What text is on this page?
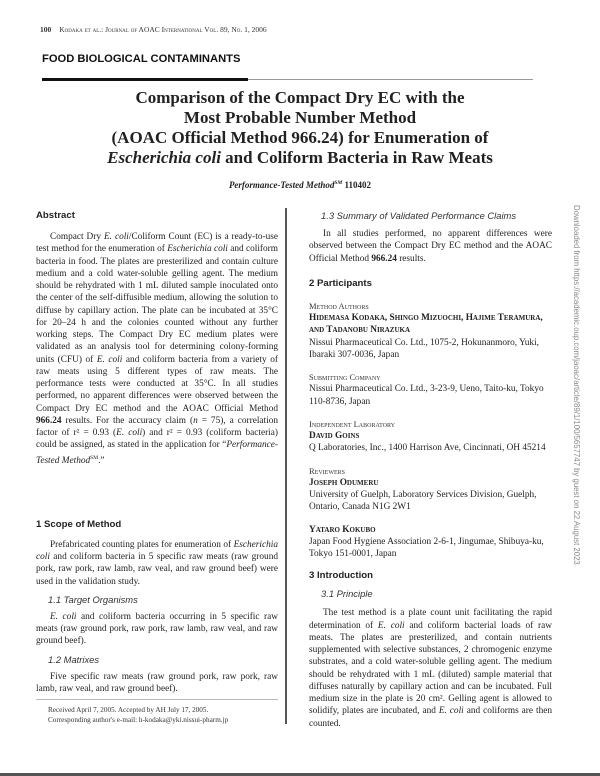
100 Kodaka et al.: Journal of AOAC International Vol. 89, No. 1, 2006
FOOD BIOLOGICAL CONTAMINANTS
Comparison of the Compact Dry EC with the
Most Probable Number Method
(AOAC Official Method 966.24) for Enumeration of
Escherichia coli and Coliform Bacteria in Raw Meats
Performance-Tested Method℠ 110402
Abstract

Compact Dry E. coli/Coliform Count (EC) is a ready-to-use test method for the enumeration of Escherichia coli and coliform bacteria in food. The plates are presterilized and contain culture medium and a cold water-soluble gelling agent. The medium should be rehydrated with 1 mL diluted sample inoculated onto the center of the self-diffusible medium, allowing the solution to diffuse by capillary action. The plate can be incubated at 35°C for 20–24 h and the colonies counted without any further working steps. The Compact Dry EC medium plates were validated as an analysis tool for determining colony-forming units (CFU) of E. coli and coliform bacteria from a variety of raw meats using 5 different types of raw meats. The performance tests were conducted at 35°C. In all studies performed, no apparent differences were observed between the Compact Dry EC method and the AOAC Official Method 966.24 results. For the accuracy claim (n = 75), a correlation factor of r² = 0.93 (E. coli) and r² = 0.93 (coliform bacteria) could be assigned, as stated in the application for “Performance-Tested Method℠.”

1 Scope of Method

Prefabricated counting plates for enumeration of Escherichia coli and coliform bacteria in 5 specific raw meats (raw ground pork, raw pork, raw lamb, raw veal, and raw ground beef) were used in the validation study.

1.1 Target Organisms

E. coli and coliform bacteria occurring in 5 specific raw meats (raw ground pork, raw pork, raw lamb, raw veal, and raw ground beef).

1.2 Matrixes

Five specific raw meats (raw ground pork, raw pork, raw lamb, raw veal, and raw ground beef).

Received April 7, 2005. Accepted by AH July 17, 2005.
Corresponding author's e-mail: h-kodaka@yki.nissui-pharm.jp
1.3 Summary of Validated Performance Claims

In all studies performed, no apparent differences were observed between the Compact Dry EC method and the AOAC Official Method 966.24 results.

2 Participants
Method Authors
Hidemasa Kodaka, Shingo Mizuochi, Hajime Teramura, and Tadanobu Nirazuka
Nissui Pharmaceutical Co. Ltd., 1075-2, Hokunanmoro, Yuki, Ibaraki 307-0036, Japan
Submitting Company
Nissui Pharmaceutical Co. Ltd., 3-23-9, Ueno, Taito-ku, Tokyo 110-8736, Japan
Independent Laboratory
David Goins
Q Laboratories, Inc., 1400 Harrison Ave, Cincinnati, OH 45214
Reviewers
Joseph Odumeru
University of Guelph, Laboratory Services Division, Guelph, Ontario, Canada N1G 2W1
Yataro Kokubo
Japan Food Hygiene Association 2-6-1, Jingumae, Shibuya-ku, Tokyo 151-0001, Japan
3 Introduction
3.1 Principle

The test method is a plate count unit facilitating the rapid determination of E. coli and coliform bacterial loads of raw meats. The plates are presterilized, and contain nutrients supplemented with selective substances, 2 chromogenic enzyme substrates, and a cold water-soluble gelling agent. The medium should be rehydrated with 1 mL (diluted) sample material that diffuses naturally by capillary action and can be incubated. Full medium size in the plate is 20 cm². Gelling agent is allowed to solidify, plates are incubated, and E. coli and coliforms are then counted.

Downloaded from https://academic.oup.com/jaoac/article/89/1/100/5657747 by guest on 22 August 2023
